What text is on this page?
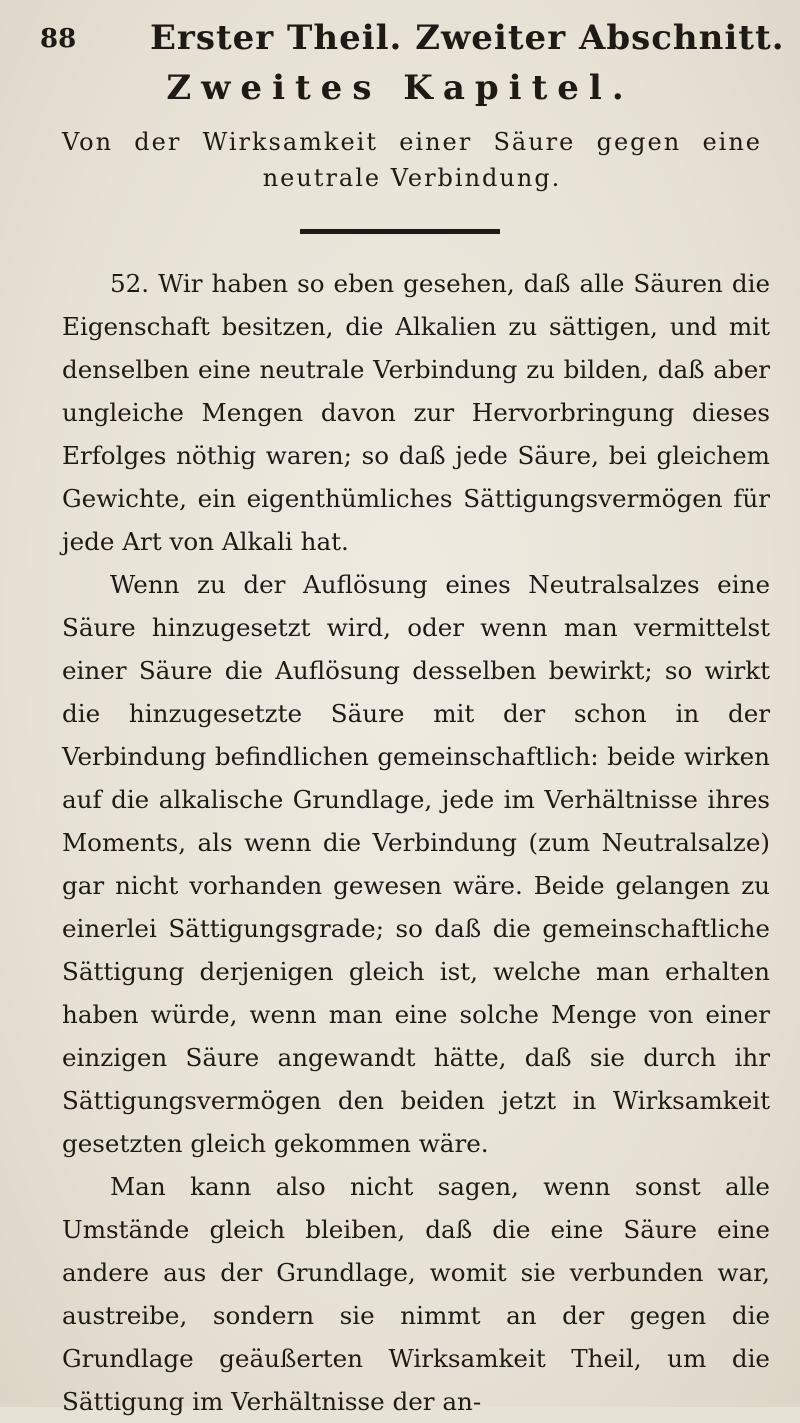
88 Erster Theil. Zweiter Abschnitt.
Zweites Kapitel.
Von der Wirksamkeit einer Säure gegen eine neutrale Verbindung.

52. Wir haben so eben gesehen, daß alle Säuren die Eigenschaft besitzen, die Alkalien zu sättigen, und mit denselben eine neutrale Verbindung zu bilden, daß aber ungleiche Mengen davon zur Hervorbringung dieses Erfolges nöthig waren; so daß jede Säure, bei gleichem Gewichte, ein eigenthümliches Sättigungsvermögen für jede Art von Alkali hat.

Wenn zu der Auflösung eines Neutralsalzes eine Säure hinzugesetzt wird, oder wenn man vermittelst einer Säure die Auflösung desselben bewirkt; so wirkt die hinzugesetzte Säure mit der schon in der Verbindung befindlichen gemeinschaftlich: beide wirken auf die alkalische Grundlage, jede im Verhältnisse ihres Moments, als wenn die Verbindung (zum Neutralsalze) gar nicht vorhanden gewesen wäre. Beide gelangen zu einerlei Sättigungsgrade; so daß die gemeinschaftliche Sättigung derjenigen gleich ist, welche man erhalten haben würde, wenn man eine solche Menge von einer einzigen Säure angewandt hätte, daß sie durch ihr Sättigungsvermögen den beiden jetzt in Wirksamkeit gesetzten gleich gekommen wäre.

Man kann also nicht sagen, wenn sonst alle Umstände gleich bleiben, daß die eine Säure eine andere aus der Grundlage, womit sie verbunden war, austreibe, sondern sie nimmt an der gegen die Grundlage geäußerten Wirksamkeit Theil, um die Sättigung im Verhältnisse der an-
